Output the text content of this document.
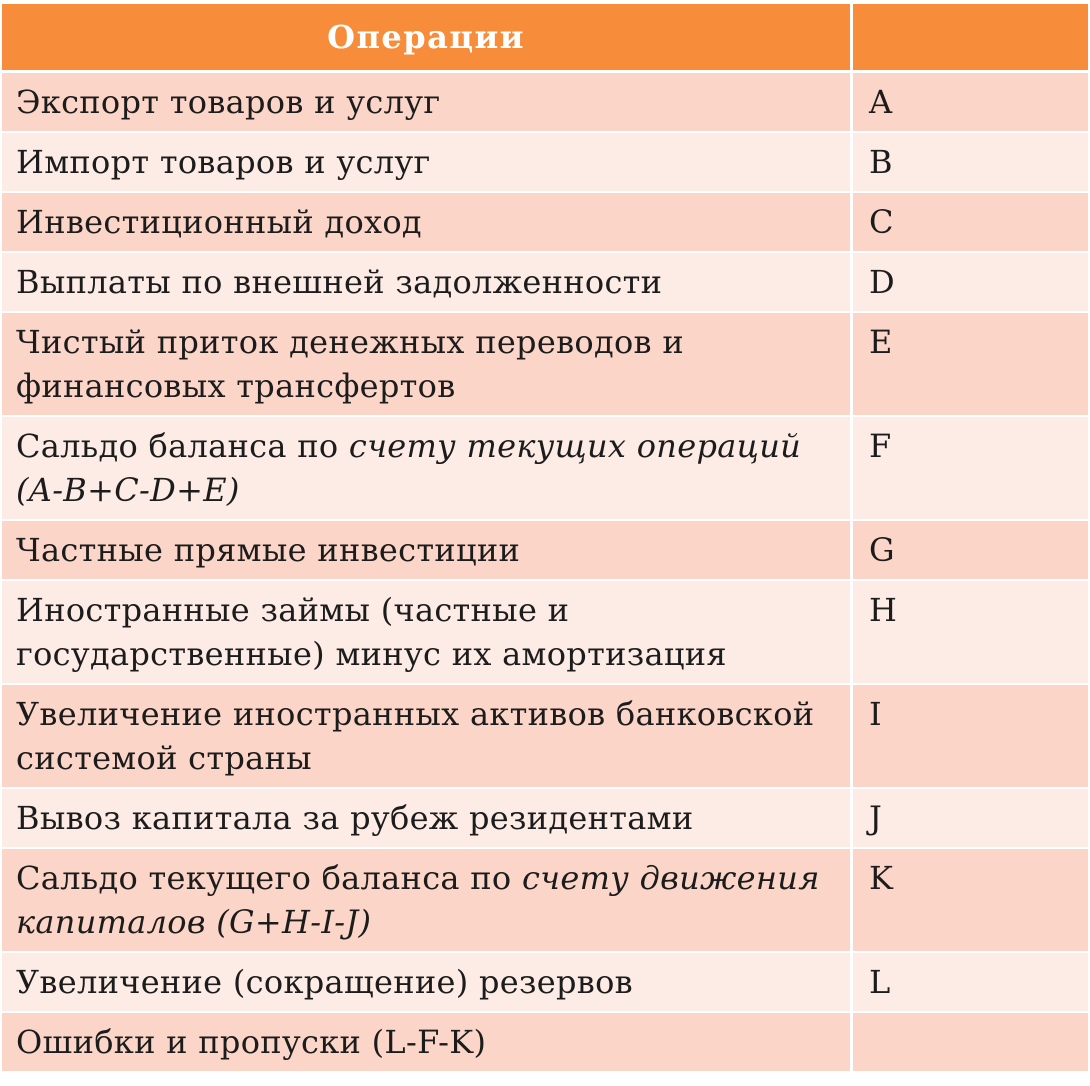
Операции	
Экспорт товаров и услуг	A
Импорт товаров и услуг	B
Инвестиционный доход	C
Выплаты по внешней задолженности	D
Чистый приток денежных переводов и финансовых трансфертов	E
Сальдо баланса по счету текущих операций (A-B+C-D+E)	F
Частные прямые инвестиции	G
Иностранные займы (частные и государственные) минус их амортизация	H
Увеличение иностранных активов банковской системой страны	I
Вывоз капитала за рубеж резидентами	J
Сальдо текущего баланса по счету движения капиталов (G+H-I-J)	K
Увеличение (сокращение) резервов	L
Ошибки и пропуски (L-F-K)	
